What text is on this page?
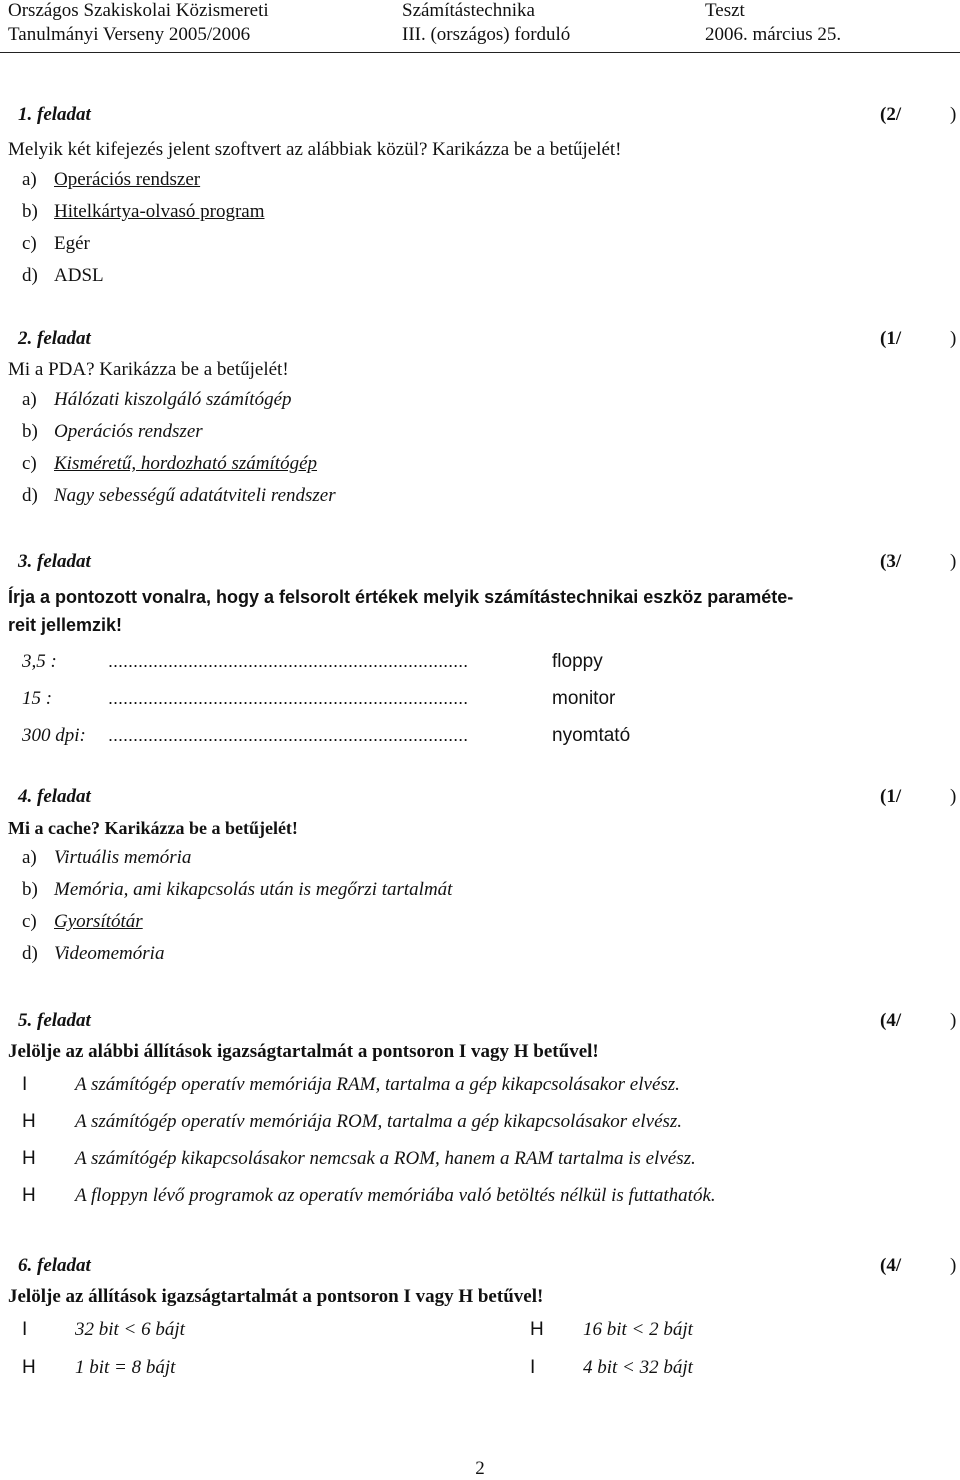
Országos Szakiskolai Közismereti	Számítástechnika	Teszt
Tanulmányi Verseny 2005/2006	III. (országos) forduló	2006. március 25.
1. feladat	(2/	)
Melyik két kifejezés jelent szoftvert az alábbiak közül? Karikázza be a betűjelét!
a) Operációs rendszer
b) Hitelkártya-olvasó program
c) Egér
d) ADSL
2. feladat	(1/	)
Mi a PDA? Karikázza be a betűjelét!
a) Hálózati kiszolgáló számítógép
b) Operációs rendszer
c) Kisméretű, hordozható számítógép
d) Nagy sebességű adatátviteli rendszer
3. feladat	(3/	)
Írja a pontozott vonalra, hogy a felsorolt értékek melyik számítástechnikai eszköz paraméte-
reit jellemzik!
3,5 :	........................................................................	floppy
15 :	........................................................................	monitor
300 dpi: ........................................................................	nyomtató
4. feladat	(1/	)
Mi a cache? Karikázza be a betűjelét!
a) Virtuális memória
b) Memória, ami kikapcsolás után is megőrzi tartalmát
c) Gyorsítótár
d) Videomemória
5. feladat	(4/	)
Jelölje az alábbi állítások igazságtartalmát a pontsoron I vagy H betűvel!
I	A számítógép operatív memóriája RAM, tartalma a gép kikapcsolásakor elvész.
H A számítógép operatív memóriája ROM, tartalma a gép kikapcsolásakor elvész.
H A számítógép kikapcsolásakor nemcsak a ROM, hanem a RAM tartalma is elvész.
H A floppyn lévő programok az operatív memóriába való betöltés nélkül is futtathatók.
6. feladat	(4/	)
Jelölje az állítások igazságtartalmát a pontsoron I vagy H betűvel!
I	32 bit < 6 bájt	H 16 bit < 2 bájt
H 1 bit = 8 bájt	I	4 bit < 32 bájt
2
